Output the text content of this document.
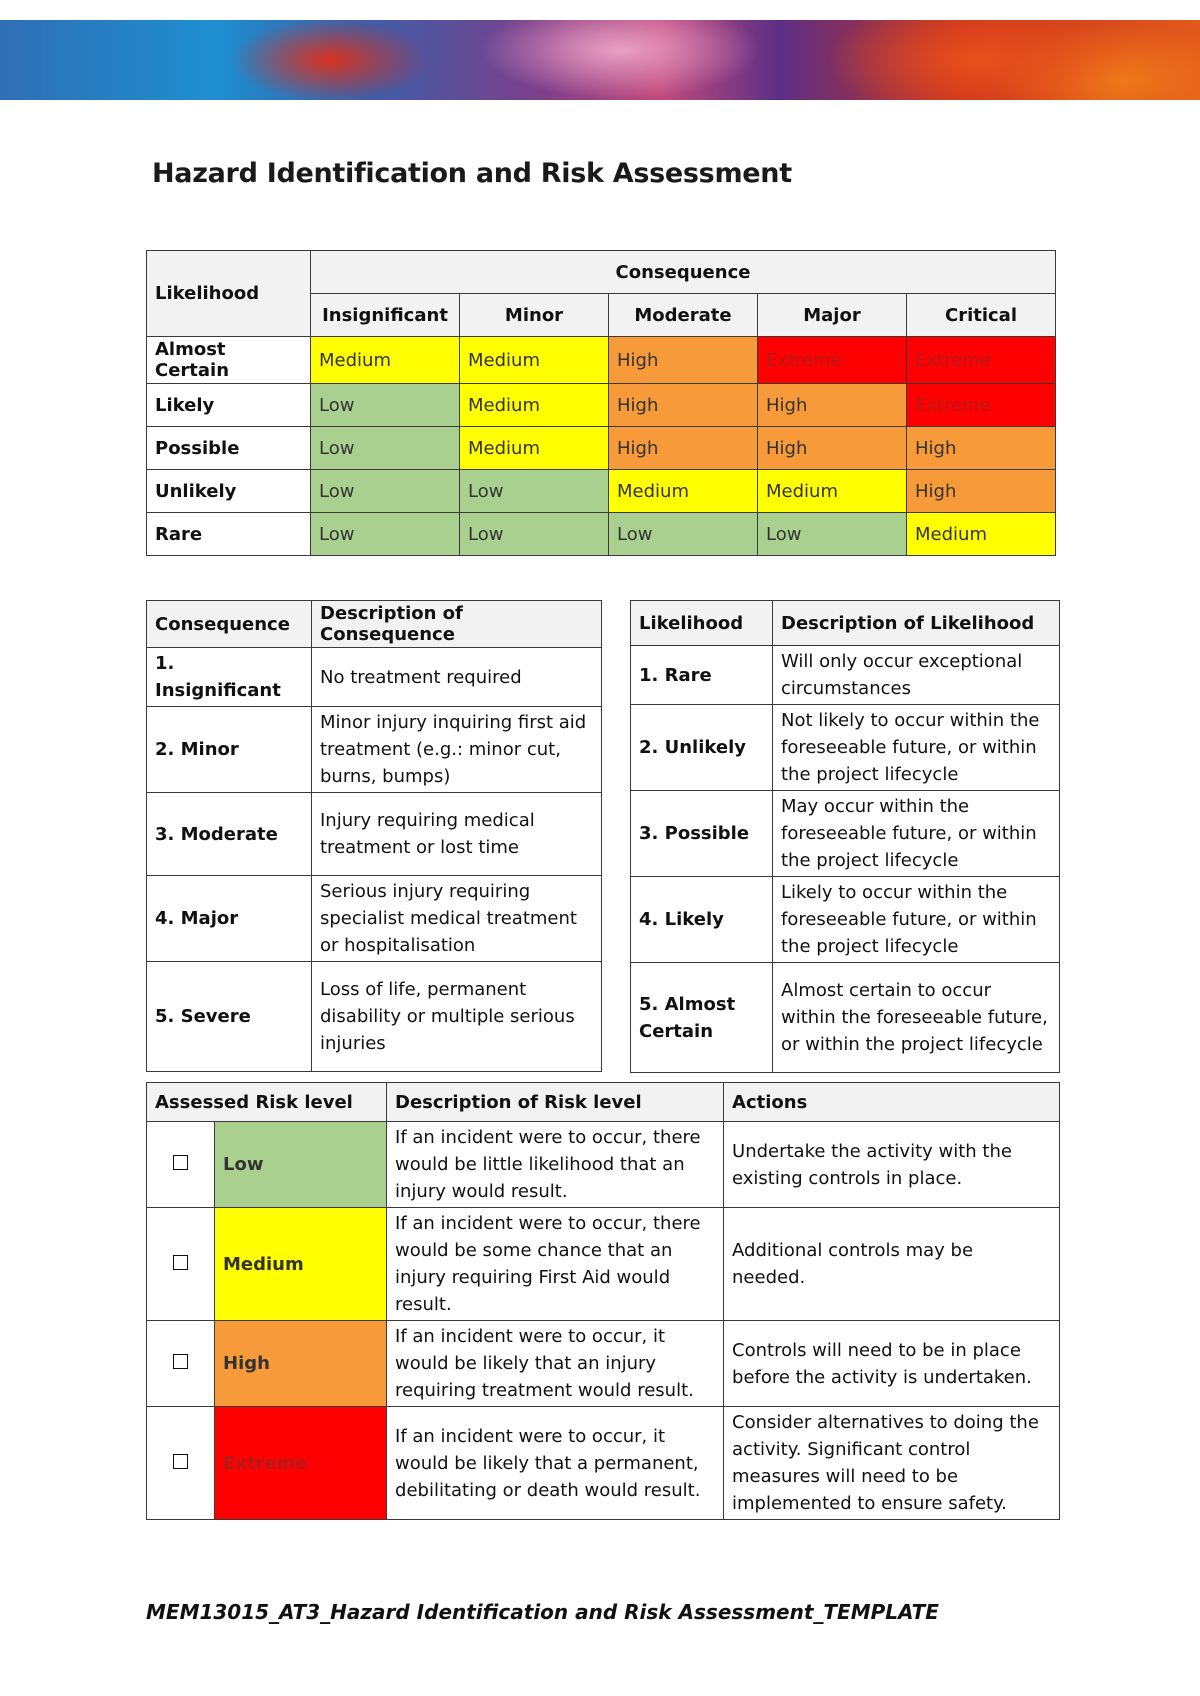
Hazard Identification and Risk Assessment
Likelihood	Consequence				
	Insignificant	Minor	Moderate	Major	Critical
Almost Certain	Medium	Medium	High	Extreme	Extreme
Likely	Low	Medium	High	High	Extreme
Possible	Low	Medium	High	High	High
Unlikely	Low	Low	Medium	Medium	High
Rare	Low	Low	Low	Low	Medium
Consequence	Description of Consequence
1. Insignificant	No treatment required
2. Minor	Minor injury inquiring first aid treatment (e.g.: minor cut, burns, bumps)
3. Moderate	Injury requiring medical treatment or lost time
4. Major	Serious injury requiring specialist medical treatment or hospitalisation
5. Severe	Loss of life, permanent disability or multiple serious injuries
Likelihood	Description of Likelihood
1. Rare	Will only occur exceptional circumstances
2. Unlikely	Not likely to occur within the foreseeable future, or within the project lifecycle
3. Possible	May occur within the foreseeable future, or within the project lifecycle
4. Likely	Likely to occur within the foreseeable future, or within the project lifecycle
5. Almost Certain	Almost certain to occur within the foreseeable future, or within the project lifecycle
Assessed Risk level		Description of Risk level	Actions
	Low	If an incident were to occur, there would be little likelihood that an injury would result.	Undertake the activity with the existing controls in place.
	Medium	If an incident were to occur, there would be some chance that an injury requiring First Aid would result.	Additional controls may be needed.
	High	If an incident were to occur, it would be likely that an injury requiring treatment would result.	Controls will need to be in place before the activity is undertaken.
	Extreme	If an incident were to occur, it would be likely that a permanent, debilitating or death would result.	Consider alternatives to doing the activity. Significant control measures will need to be implemented to ensure safety.
MEM13015_AT3_Hazard Identification and Risk Assessment_TEMPLATE
